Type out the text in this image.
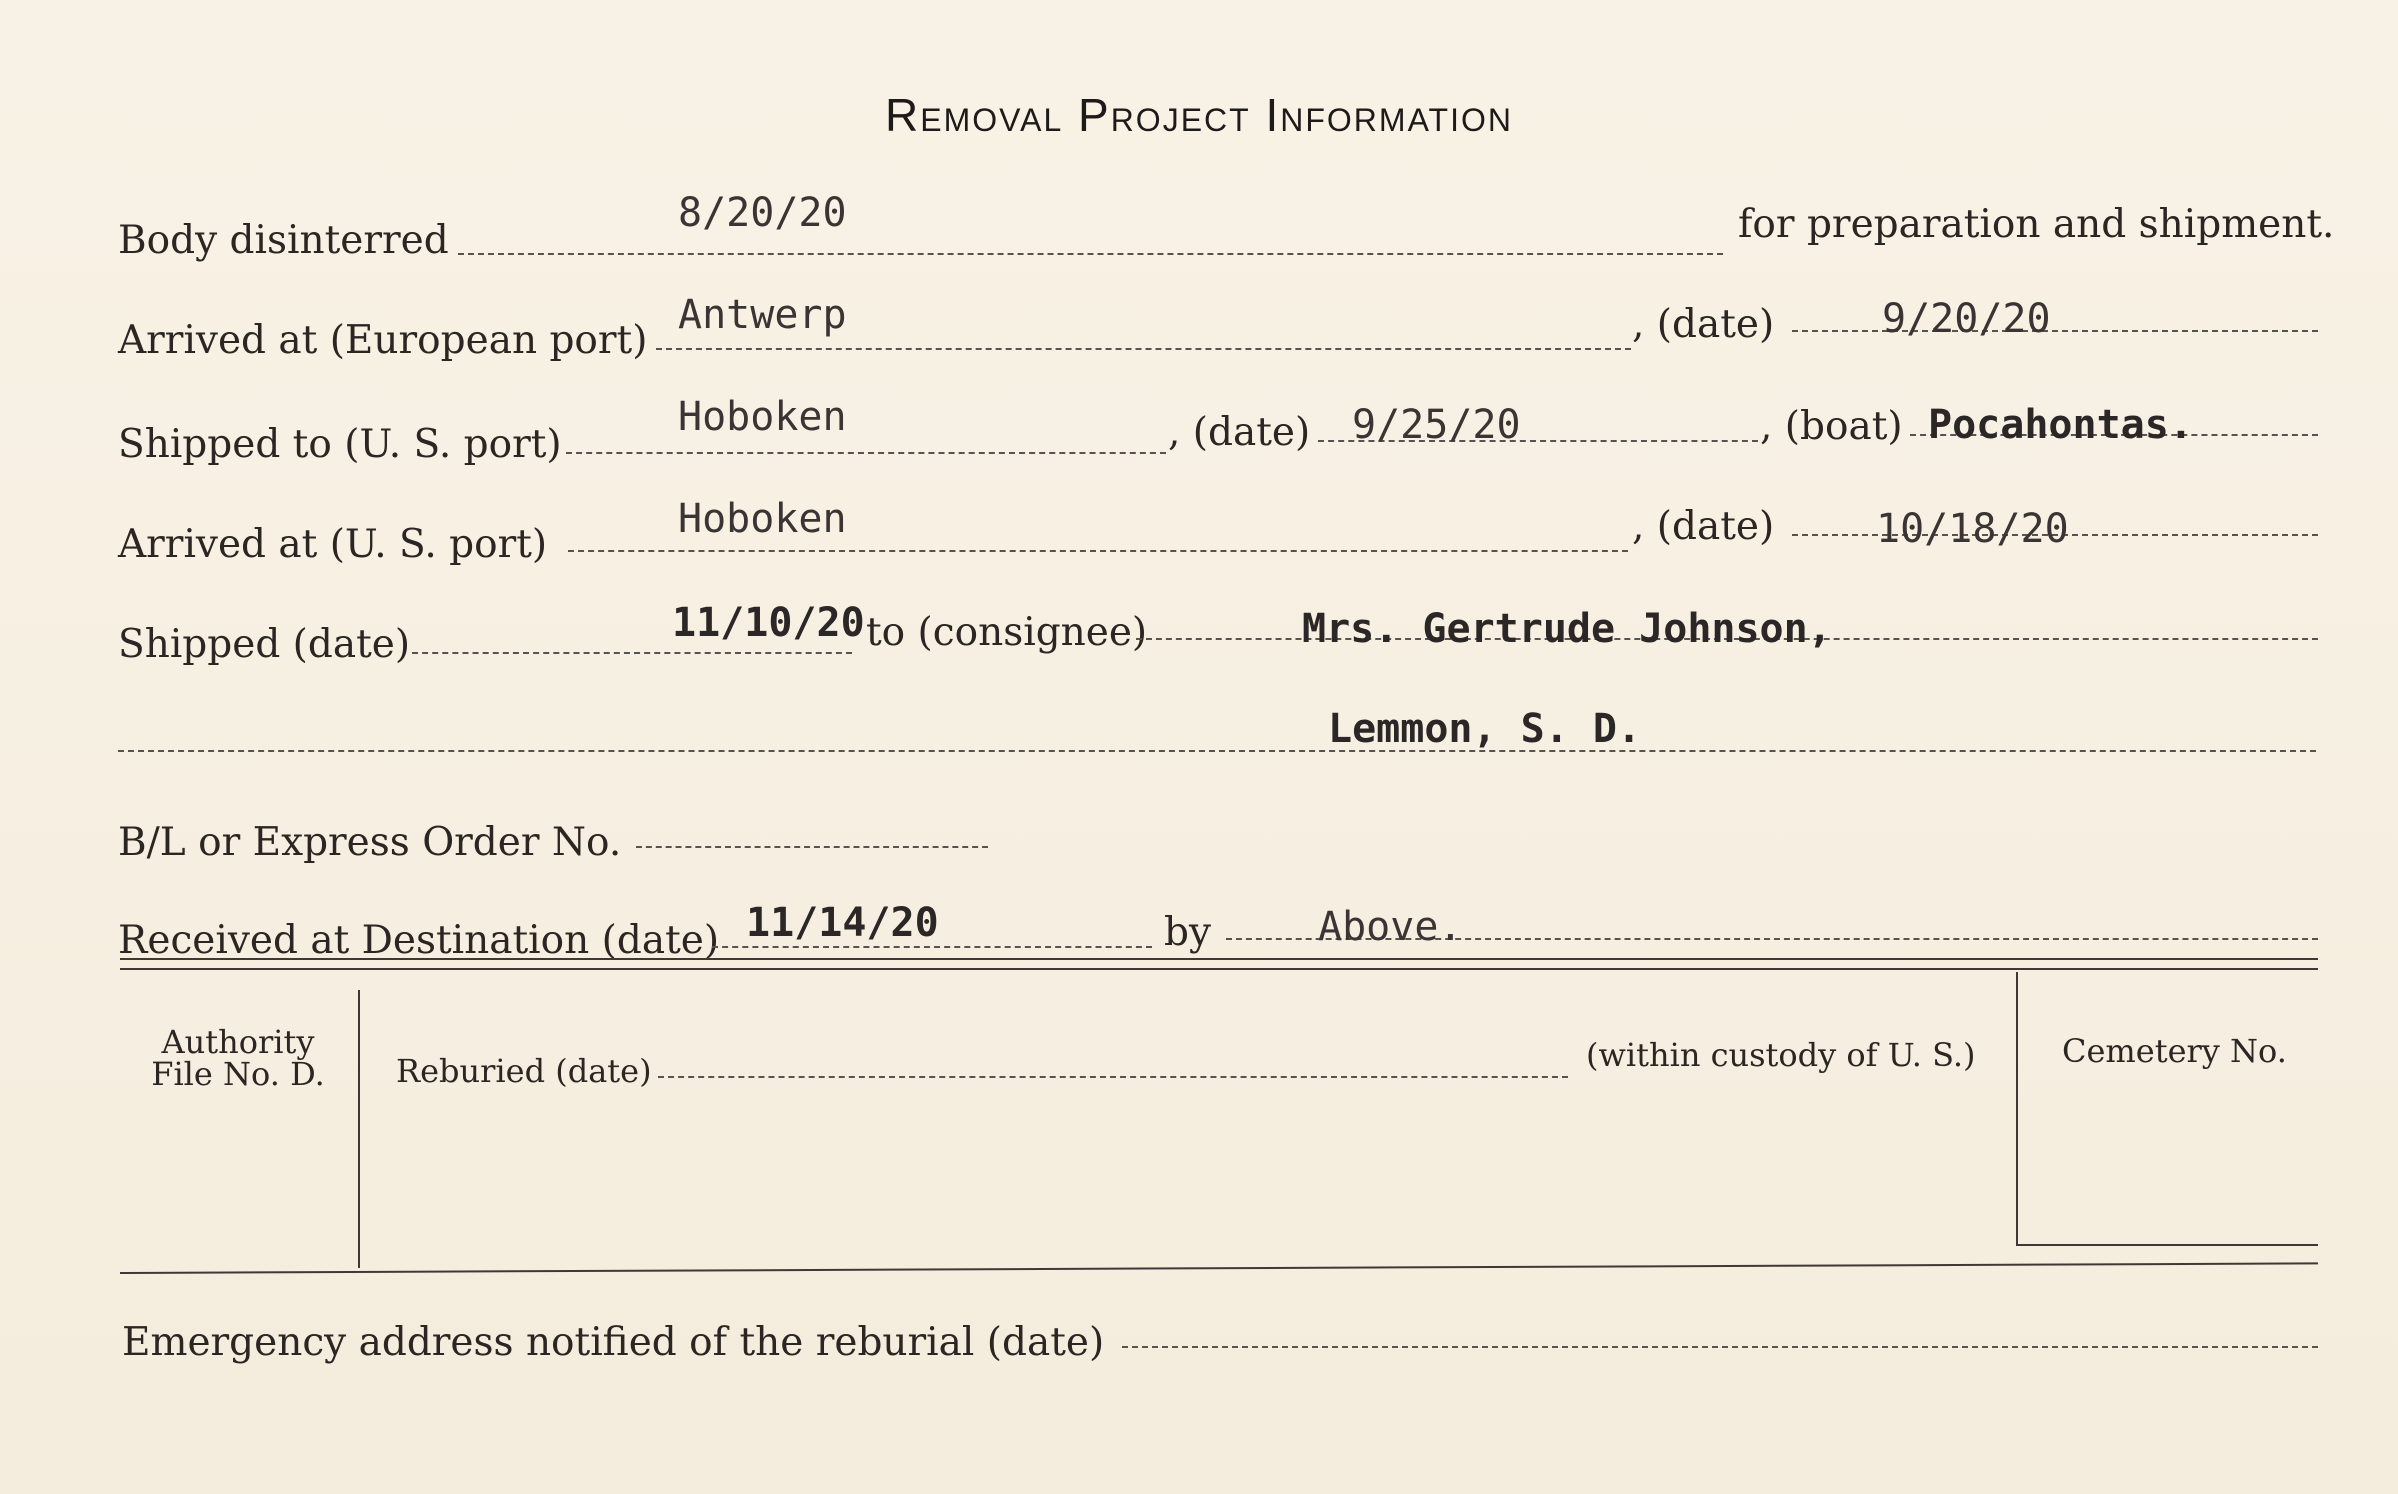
Removal Project Information
Body disinterred
8/20/20	for preparation and shipment.
Arrived at (European port)
Antwerp	, (date)	9/20/20
Shipped to (U. S. port)
Hoboken	, (date) 9/25/20	, (boat) Pocahontas.
Arrived at (U. S. port)
Hoboken	, (date)	10/18/20
Shipped (date)	11/10/20 to (consignee)	Mrs. Gertrude Johnson,
Lemmon, S. D.
B/L or Express Order No.
Received at Destination (date) 11/14/20	by	Above.
Authority
File No. D.	Reburied (date)	(within custody of U. S.)	Cemetery No.
Emergency address notified of the reburial (date)
